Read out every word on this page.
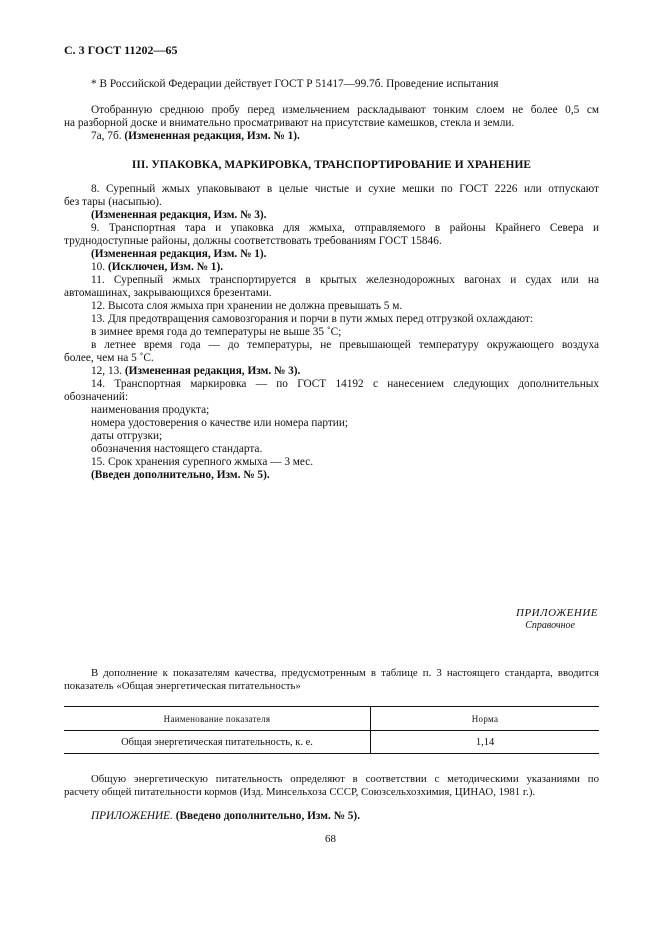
С. 3 ГОСТ 11202—65
* В Российской Федерации действует ГОСТ Р 51417—99.7б. Проведение испытания
Отобранную среднюю пробу перед измельчением раскладывают тонким слоем не более 0,5 см
на разборной доске и внимательно просматривают на присутствие камешков, стекла и земли.
7а, 7б. (Измененная редакция, Изм. № 1).
III. УПАКОВКА, МАРКИРОВКА, ТРАНСПОРТИРОВАНИЕ И ХРАНЕНИЕ
8. Сурепный жмых упаковывают в целые чистые и сухие мешки по ГОСТ 2226 или отпускают
без тары (насыпью).
(Измененная редакция, Изм. № 3).
9. Транспортная тара и упаковка для жмыха, отправляемого в районы Крайнего Севера и
труднодоступные районы, должны соответствовать требованиям ГОСТ 15846.
(Измененная редакция, Изм. № 1).
10. (Исключен, Изм. № 1).
11. Сурепный жмых транспортируется в крытых железнодорожных вагонах и судах или на
автомашинах, закрывающихся брезентами.
12. Высота слоя жмыха при хранении не должна превышать 5 м.
13. Для предотвращения самовозгорания и порчи в пути жмых перед отгрузкой охлаждают:
в зимнее время года до температуры не выше 35 ˚С;
в летнее время года — до температуры, не превышающей температуру окружающего воздуха
более, чем на 5 ˚С.
12, 13. (Измененная редакция, Изм. № 3).
14. Транспортная маркировка — по ГОСТ 14192 с нанесением следующих дополнительных
обозначений:
наименования продукта;
номера удостоверения о качестве или номера партии;
даты отгрузки;
обозначения настоящего стандарта.
15. Срок хранения сурепного жмыха — 3 мес.
(Введен дополнительно, Изм. № 5).
ПРИЛОЖЕНИЕ
Справочное
В дополнение к показателям качества, предусмотренным в таблице п. 3 настоящего стандарта, вводится
показатель «Общая энергетическая питательность»
Наименование показателя	Норма
Общая энергетическая питательность, к. е.	1,14
Общую энергетическую питательность определяют в соответствии с методическими указаниями по
расчету общей питательности кормов (Изд. Минсельхоза СССР, Союзсельхозхимия, ЦИНАО, 1981 г.).
ПРИЛОЖЕНИЕ. (Введено дополнительно, Изм. № 5).
68
